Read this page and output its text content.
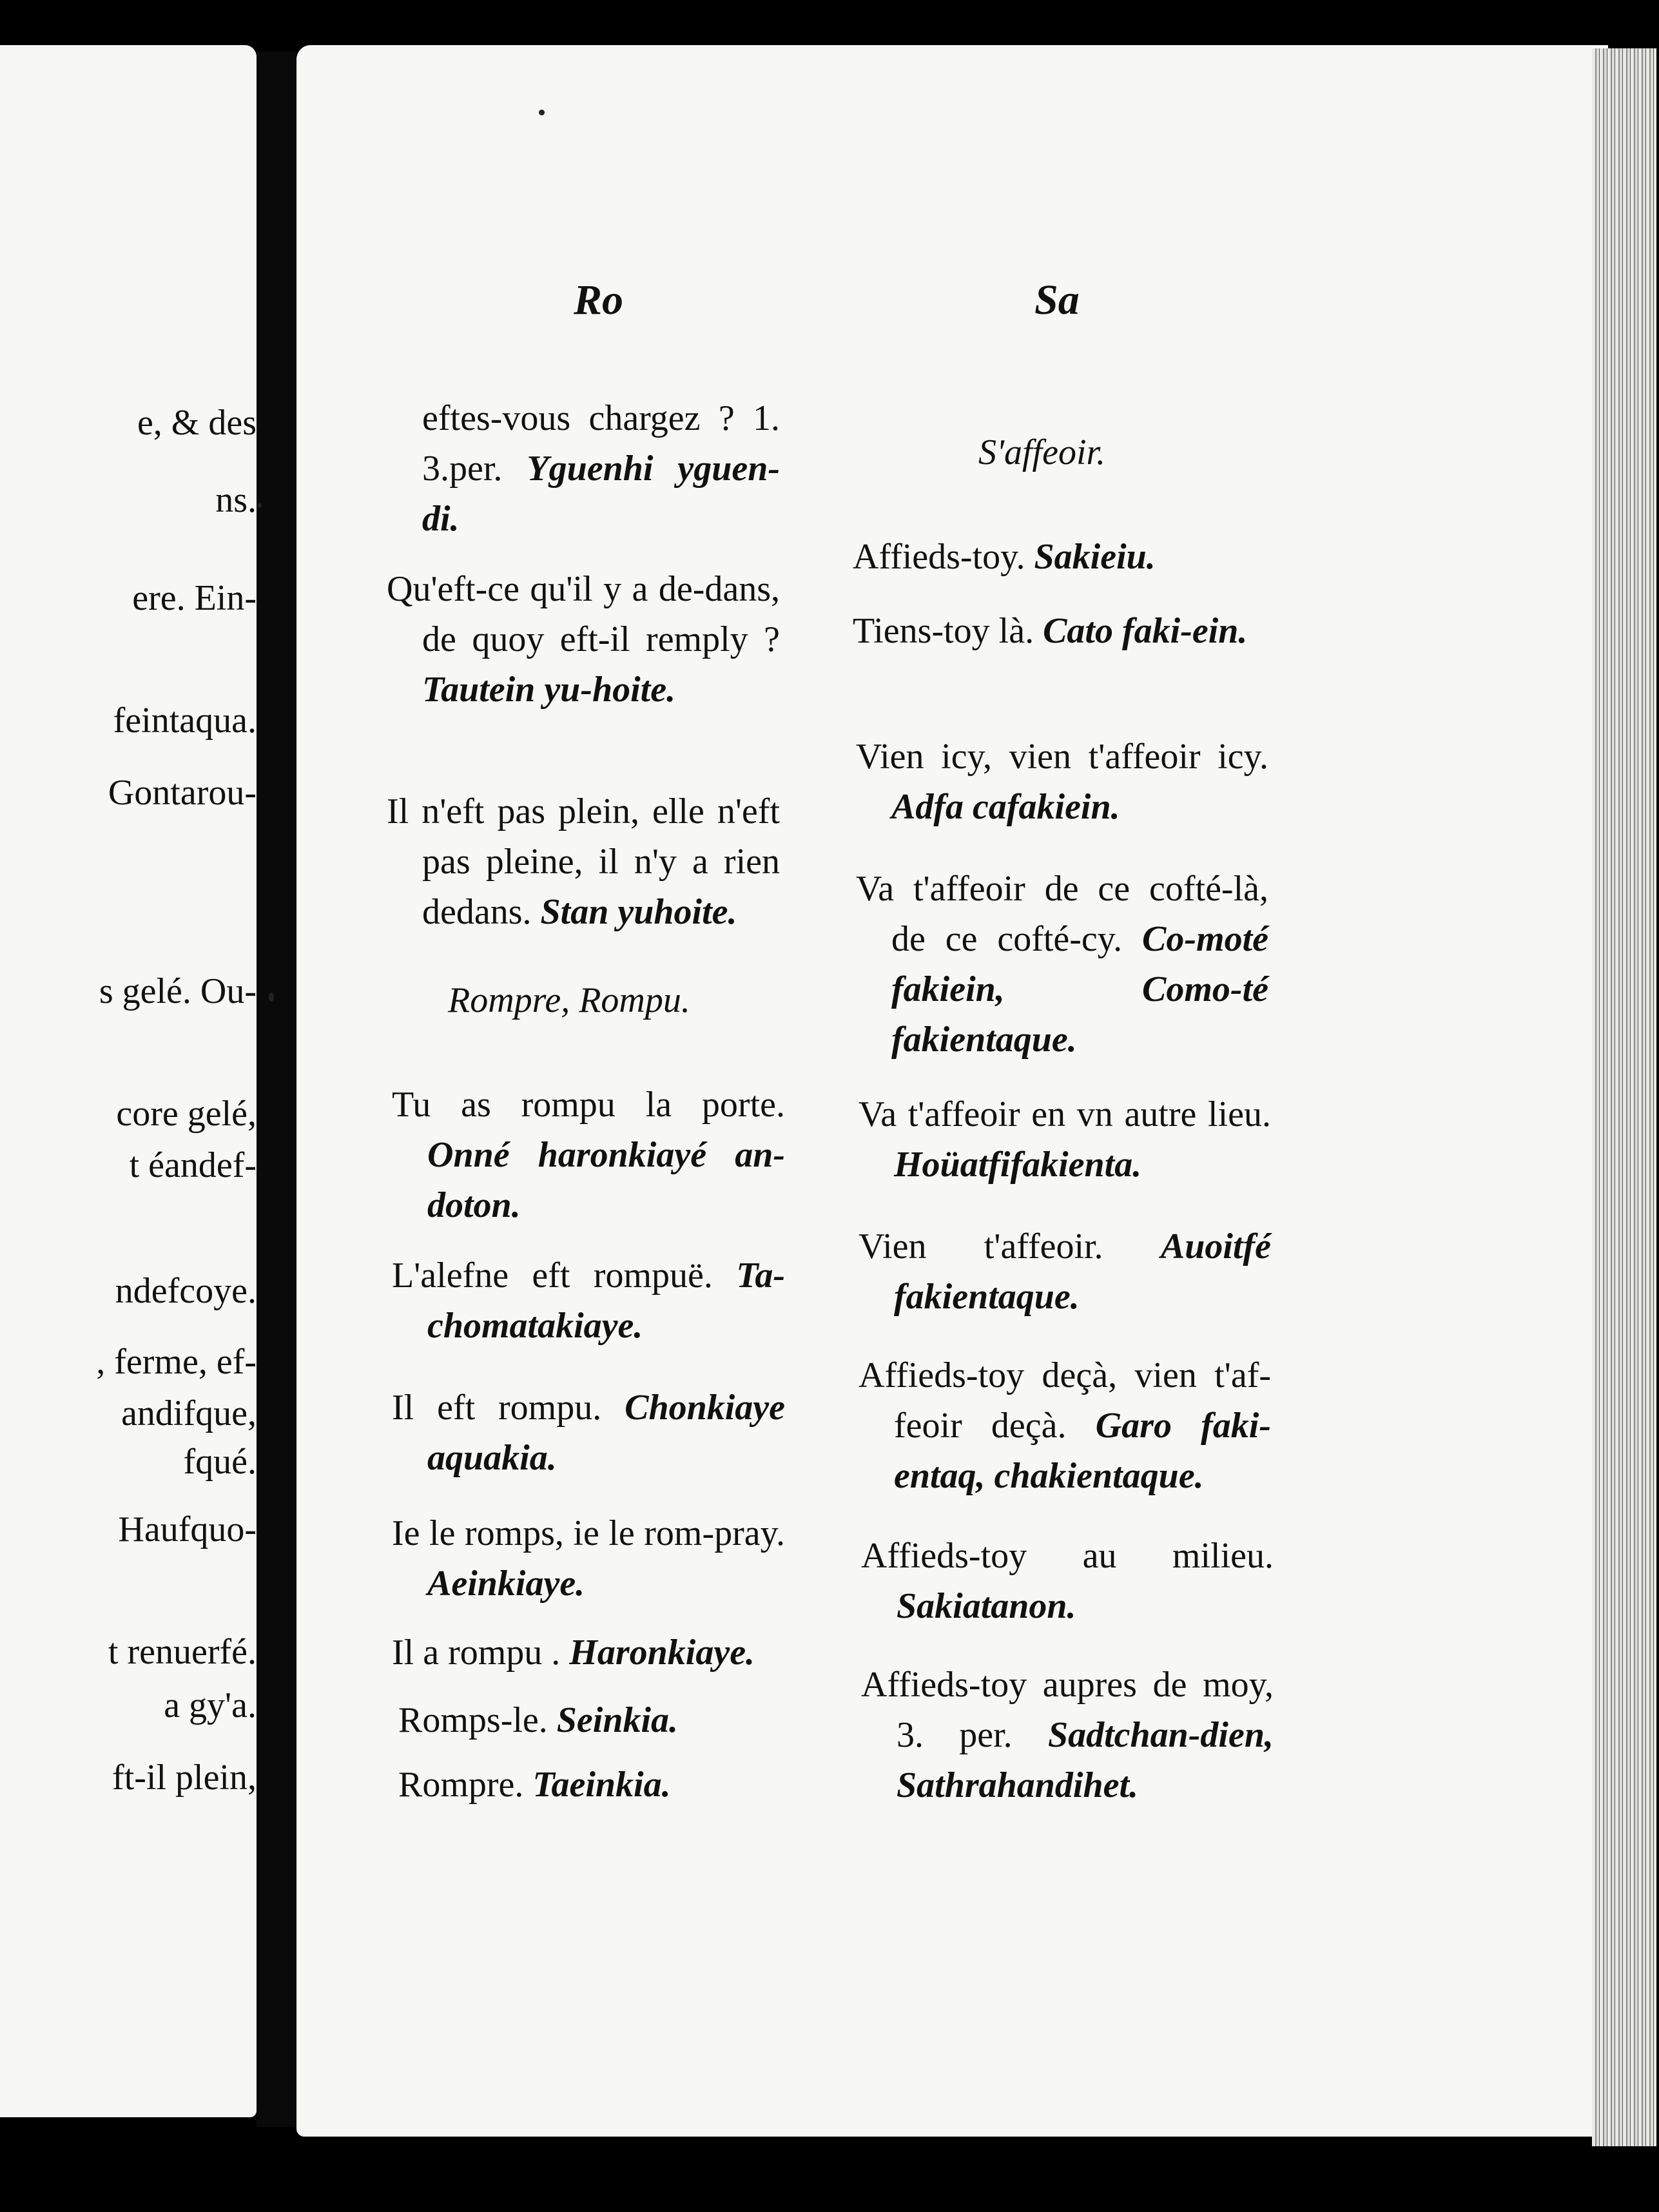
e, & des
ns.
ere. Ein-
feintaqua.
Gontarou-
s gelé. Ou-
core gelé,
t éandef-
ndefcoye.
, ferme, ef-
andifque,
fqué.
Haufquo-
t renuerfé.
a gy'a.
ft-il plein,
Ro	Sa
eftes-vous chargez ? 1. 3.per. Yguenhi yguen-di.
Qu'eft-ce qu'il y a de-dans, de quoy eft-il remply ? Tautein yu-hoite.
Il n'eft pas plein, elle n'eft pas pleine, il n'y a rien dedans. Stan yuhoite.
Rompre, Rompu.
Tu as rompu la porte. Onné haronkiayé an-doton.
L'alefne eft rompuë. Ta-chomatakiaye.
Il eft rompu. Chonkiaye aquakia.
Ie le romps, ie le rom-pray. Aeinkiaye.
Il a rompu . Haronkiaye.
Romps-le. Seinkia.
Rompre. Taeinkia.
S'affeoir.
Affieds-toy. Sakieiu.
Tiens-toy là. Cato faki-ein.
Vien icy, vien t'affeoir icy. Adfa cafakiein.
Va t'affeoir de ce cofté-là, de ce cofté-cy. Co-moté fakiein, Como-té fakientaque.
Va t'affeoir en vn autre lieu. Hoüatfifakienta.
Vien t'affeoir. Auoitfé fakientaque.
Affieds-toy deçà, vien t'af-feoir deçà. Garo faki-entaq, chakientaque.
Affieds-toy au milieu. Sakiatanon.
Affieds-toy aupres de moy, 3. per. Sadtchan-dien, Sathrahandihet.
